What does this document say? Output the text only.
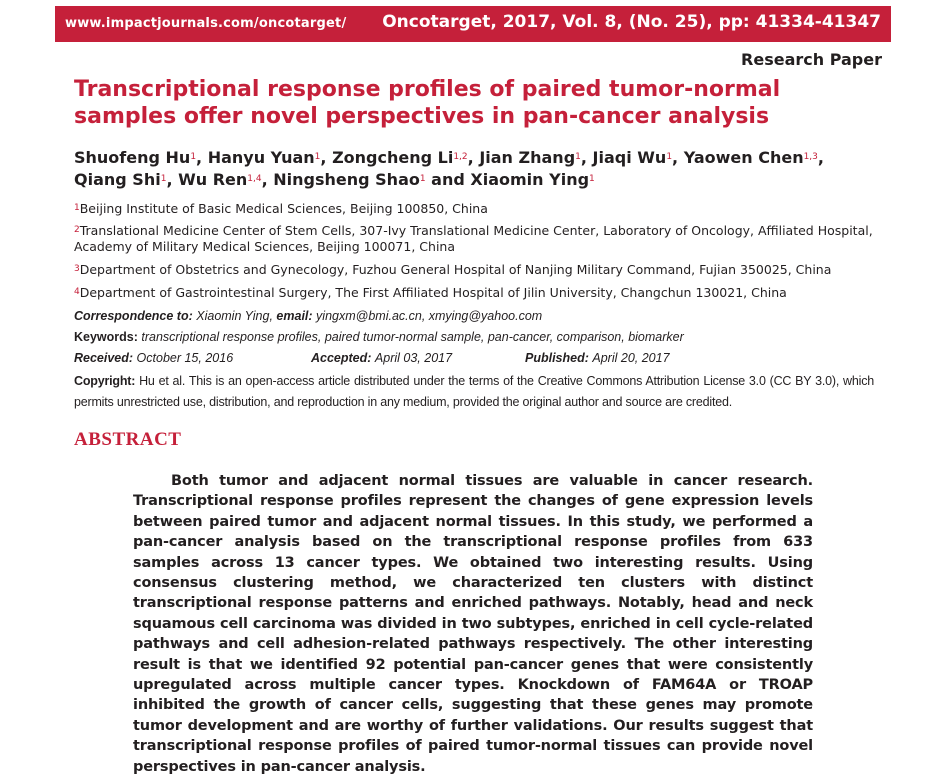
www.impactjournals.com/oncotarget/ Oncotarget, 2017, Vol. 8, (No. 25), pp: 41334-41347
Research Paper
Transcriptional response profiles of paired tumor-normal samples offer novel perspectives in pan-cancer analysis
Shuofeng Hu$^1$, Hanyu Yuan$^1$, Zongcheng Li$^{1,2}$, Jian Zhang$^1$, Jiaqi Wu$^1$, Yaowen Chen$^{1,3}$,
Qiang Shi$^1$, Wu Ren$^{1,4}$, Ningsheng Shao$^1$ and Xiaomin Ying$^1$
$^1$Beijing Institute of Basic Medical Sciences, Beijing 100850, China
$^2$Translational Medicine Center of Stem Cells, 307-Ivy Translational Medicine Center, Laboratory of Oncology, Affiliated Hospital, Academy of Military Medical Sciences, Beijing 100071, China
$^3$Department of Obstetrics and Gynecology, Fuzhou General Hospital of Nanjing Military Command, Fujian 350025, China
$^4$Department of Gastrointestinal Surgery, The First Affiliated Hospital of Jilin University, Changchun 130021, China
Correspondence to: Xiaomin Ying, email: yingxm@bmi.ac.cn, xmying@yahoo.com
Keywords: transcriptional response profiles, paired tumor-normal sample, pan-cancer, comparison, biomarker
Received: October 15, 2016	Accepted: April 03, 2017	Published: April 20, 2017
Copyright: Hu et al. This is an open-access article distributed under the terms of the Creative Commons Attribution License 3.0 (CC BY 3.0), which permits unrestricted use, distribution, and reproduction in any medium, provided the original author and source are credited.
ABSTRACT
Both tumor and adjacent normal tissues are valuable in cancer research. Transcriptional response profiles represent the changes of gene expression levels between paired tumor and adjacent normal tissues. In this study, we performed a pan-cancer analysis based on the transcriptional response profiles from 633 samples across 13 cancer types. We obtained two interesting results. Using consensus clustering method, we characterized ten clusters with distinct transcriptional response patterns and enriched pathways. Notably, head and neck squamous cell carcinoma was divided in two subtypes, enriched in cell cycle-related pathways and cell adhesion-related pathways respectively. The other interesting result is that we identified 92 potential pan-cancer genes that were consistently upregulated across multiple cancer types. Knockdown of FAM64A or TROAP inhibited the growth of cancer cells, suggesting that these genes may promote tumor development and are worthy of further validations. Our results suggest that transcriptional response profiles of paired tumor-normal tissues can provide novel perspectives in pan-cancer analysis.
